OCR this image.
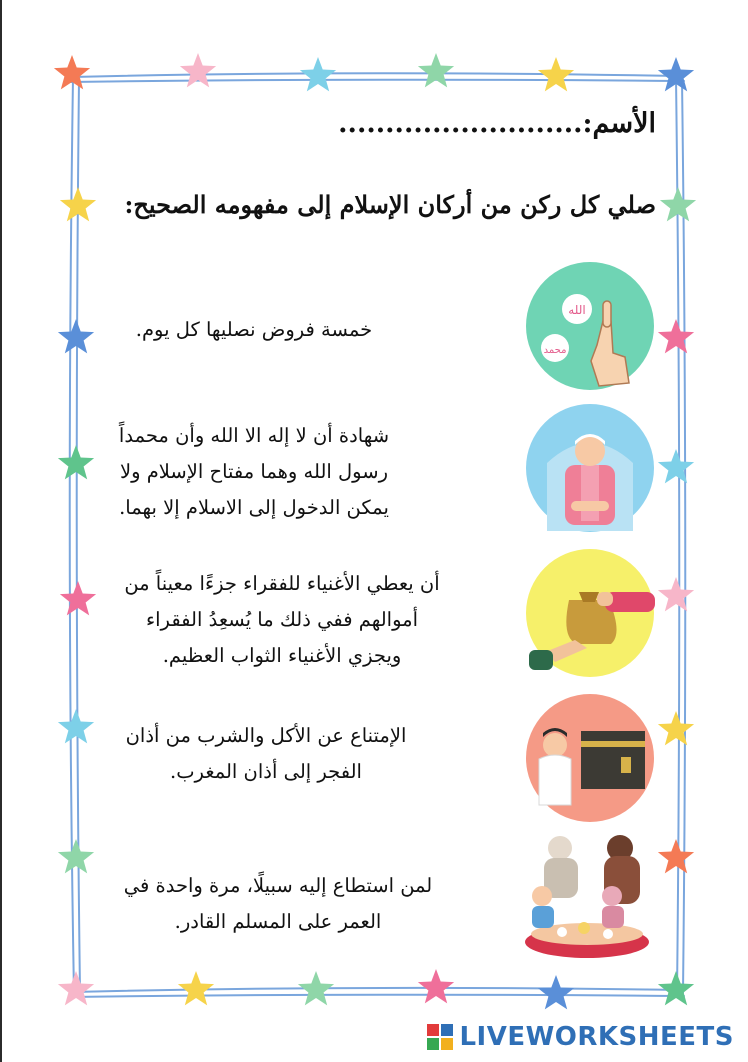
الأسم:..........................
صلي كل ركن من أركان الإسلام إلى مفهومه الصحيح:
خمسة فروض نصليها كل يوم.
الله
محمد
شهادة أن لا إله الا الله وأن محمداً
رسول الله وهما مفتاح الإسلام ولا
يمكن الدخول إلى الاسلام إلا بهما.
أن يعطي الأغنياء للفقراء جزءًا معيناً من
أموالهم ففي ذلك ما يُسعِدُ الفقراء
ويجزي الأغنياء الثواب العظيم.
الإمتناع عن الأكل والشرب من أذان
الفجر إلى أذان المغرب.
لمن استطاع إليه سبيلًا، مرة واحدة في
العمر على المسلم القادر.
LIVEWORKSHEETS
